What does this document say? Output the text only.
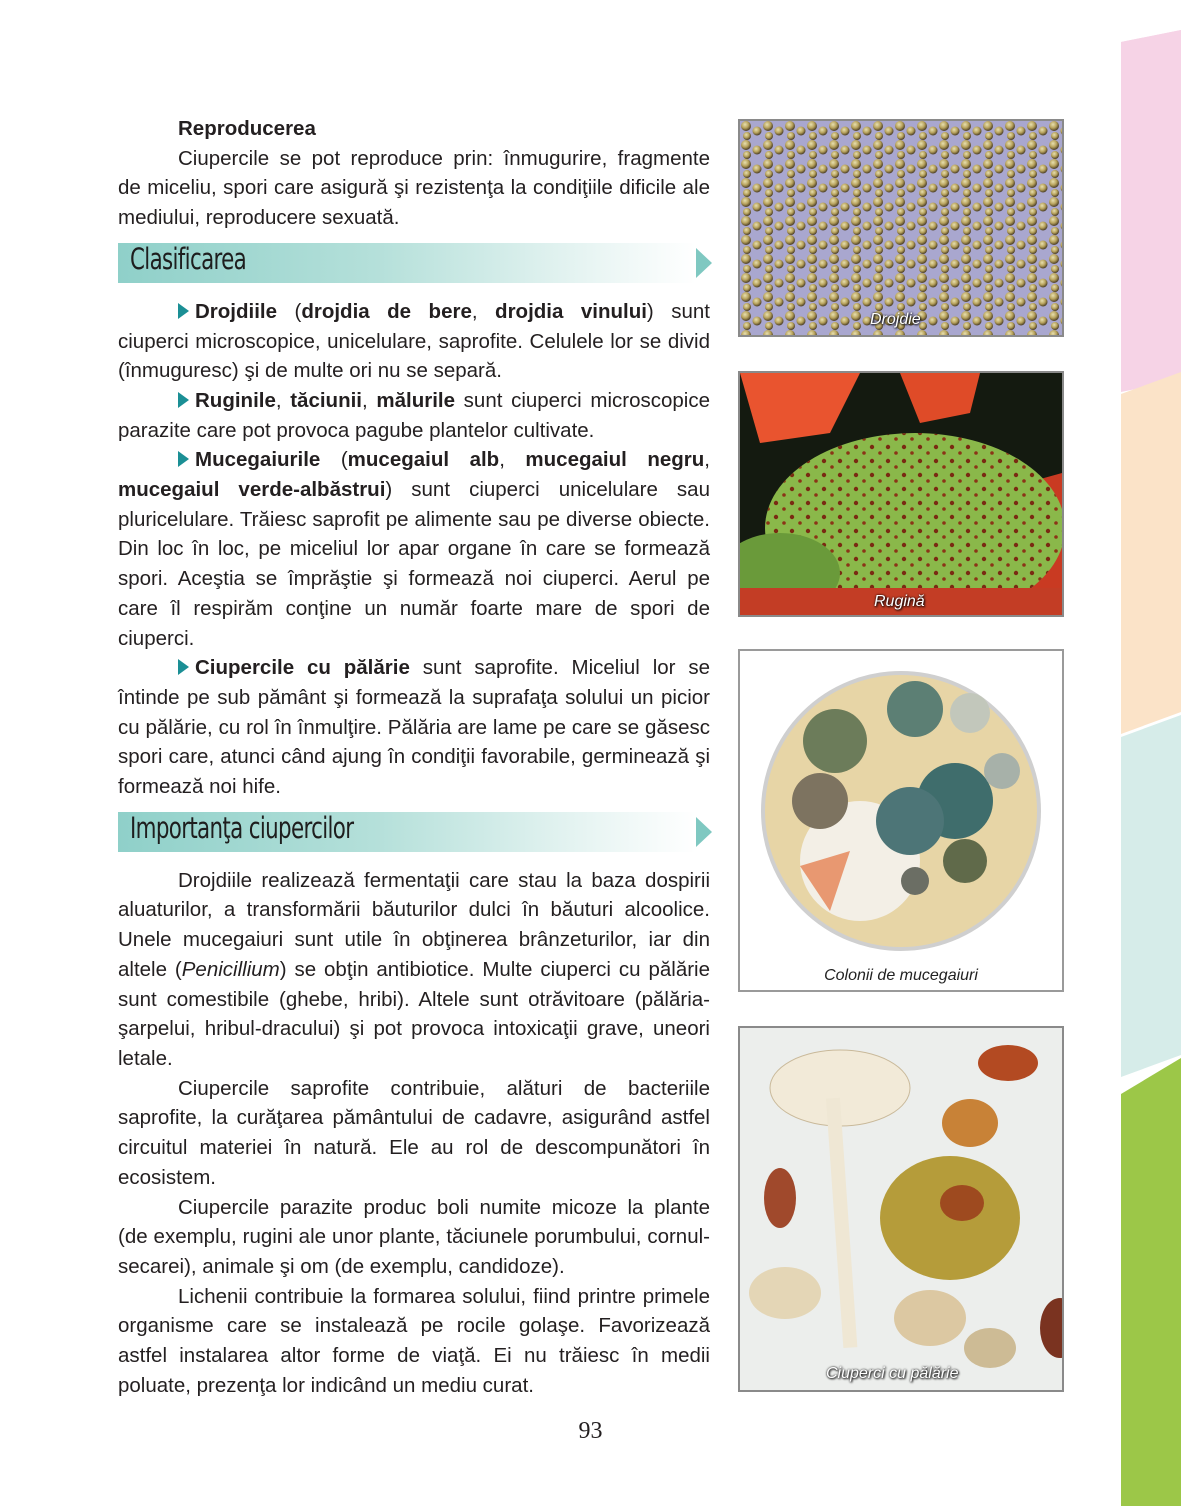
Reproducerea

Ciupercile se pot reproduce prin: înmugurire, fragmente de miceliu, spori care asigură şi rezistenţa la condiţiile dificile ale mediului, reproducere sexuată.

Clasificarea

Drojdiile (drojdia de bere, drojdia vinului) sunt ciuperci microscopice, unicelulare, saprofite. Celulele lor se divid (înmuguresc) şi de multe ori nu se separă.

Ruginile, tăciunii, mălurile sunt ciuperci microscopice parazite care pot provoca pagube plantelor cultivate.

Mucegaiurile (mucegaiul alb, mucegaiul negru, mucegaiul verde-albăstrui) sunt ciuperci unicelulare sau pluricelulare. Trăiesc saprofit pe alimente sau pe diverse obiecte. Din loc în loc, pe miceliul lor apar organe în care se formează spori. Aceştia se împrăştie şi formează noi ciuperci. Aerul pe care îl respirăm conţine un număr foarte mare de spori de ciuperci.

Ciupercile cu pălărie sunt saprofite. Miceliul lor se întinde pe sub pământ şi formează la suprafaţa solului un picior cu pălărie, cu rol în înmulţire. Pălăria are lame pe care se găsesc spori care, atunci când ajung în condiţii favorabile, germinează şi formează noi hife.

Importanţa ciupercilor

Drojdiile realizează fermentaţii care stau la baza dospirii aluaturilor, a transformării băuturilor dulci în băuturi alcoolice. Unele mucegaiuri sunt utile în obţinerea brânzeturilor, iar din altele (Penicillium) se obţin antibiotice. Multe ciuperci cu pălărie sunt comestibile (ghebe, hribi). Altele sunt otrăvitoare (pălăria-şarpelui, hribul-dracului) şi pot provoca intoxicaţii grave, uneori letale.

Ciupercile saprofite contribuie, alături de bacteriile saprofite, la curăţarea pământului de cadavre, asigurând astfel circuitul materiei în natură. Ele au rol de descompunători în ecosistem.

Ciupercile parazite produc boli numite micoze la plante (de exemplu, rugini ale unor plante, tăciunele porumbului, cornul-secarei), animale şi om (de exemplu, candidoze).

Lichenii contribuie la formarea solului, fiind printre primele organisme care se instalează pe rocile golaşe. Favorizează astfel instalarea altor forme de viaţă. Ei nu trăiesc în medii poluate, prezenţa lor indicând un mediu curat.

Drojdie
Rugină
Colonii de mucegaiuri
Ciuperci cu pălărie
93
